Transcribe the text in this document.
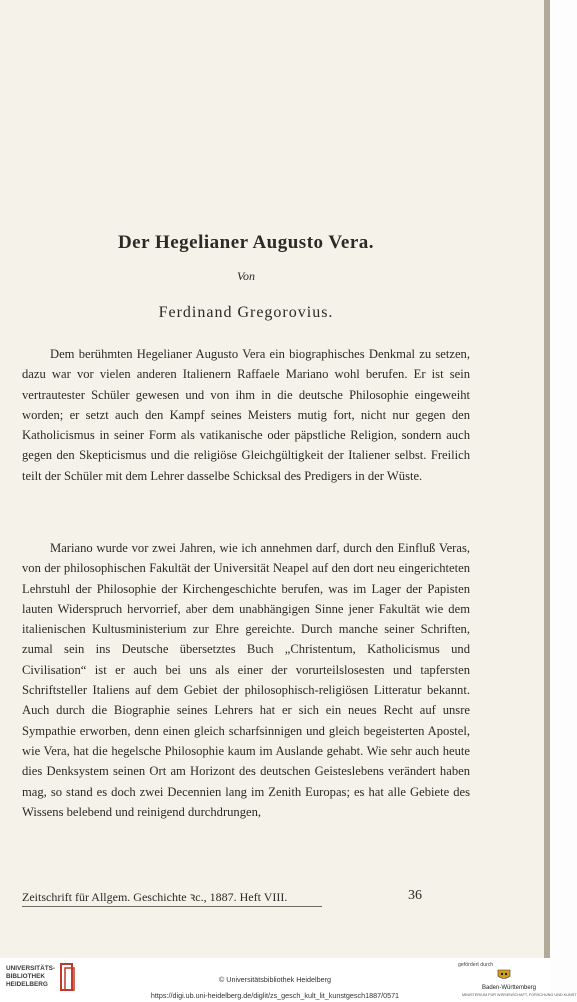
Der Hegelianer Augusto Vera.
Von
Ferdinand Gregorovius.

Dem berühmten Hegelianer Augusto Vera ein biographisches Denkmal zu setzen, dazu war vor vielen anderen Italienern Raffaele Mariano wohl berufen. Er ist sein vertrautester Schüler gewesen und von ihm in die deutsche Philosophie eingeweiht worden; er setzt auch den Kampf seines Meisters mutig fort, nicht nur gegen den Katholicismus in seiner Form als vatikanische oder päpstliche Religion, sondern auch gegen den Skepticismus und die religiöse Gleichgültigkeit der Italiener selbst. Freilich teilt der Schüler mit dem Lehrer dasselbe Schicksal des Predigers in der Wüste.

Mariano wurde vor zwei Jahren, wie ich annehmen darf, durch den Einfluß Veras, von der philosophischen Fakultät der Universität Neapel auf den dort neu eingerichteten Lehrstuhl der Philosophie der Kirchengeschichte berufen, was im Lager der Papisten lauten Widerspruch hervorrief, aber dem unabhängigen Sinne jener Fakultät wie dem italienischen Kultusministerium zur Ehre gereichte. Durch manche seiner Schriften, zumal sein ins Deutsche übersetztes Buch „Christentum, Katholicismus und Civilisation“ ist er auch bei uns als einer der vorurteilslosesten und tapfersten Schriftsteller Italiens auf dem Gebiet der philosophisch-religiösen Litteratur bekannt. Auch durch die Biographie seines Lehrers hat er sich ein neues Recht auf unsre Sympathie erworben, denn einen gleich scharfsinnigen und gleich begeisterten Apostel, wie Vera, hat die hegelsche Philosophie kaum im Auslande gehabt. Wie sehr auch heute dies Denksystem seinen Ort am Horizont des deutschen Geisteslebens verändert haben mag, so stand es doch zwei Decennien lang im Zenith Europas; es hat alle Gebiete des Wissens belebend und reinigend durchdrungen,

Zeitschrift für Allgem. Geschichte ꝛc., 1887. Heft VIII.	36
UNIVERSITÄTS-
BIBLIOTHEK
HEIDELBERG
© Universitätsbibliothek Heidelberg
https://digi.ub.uni-heidelberg.de/diglit/zs_gesch_kult_lit_kunstgesch1887/0571
gefördert durch
Baden-Württemberg
MINISTERIUM FÜR WISSENSCHAFT, FORSCHUNG UND KUNST
